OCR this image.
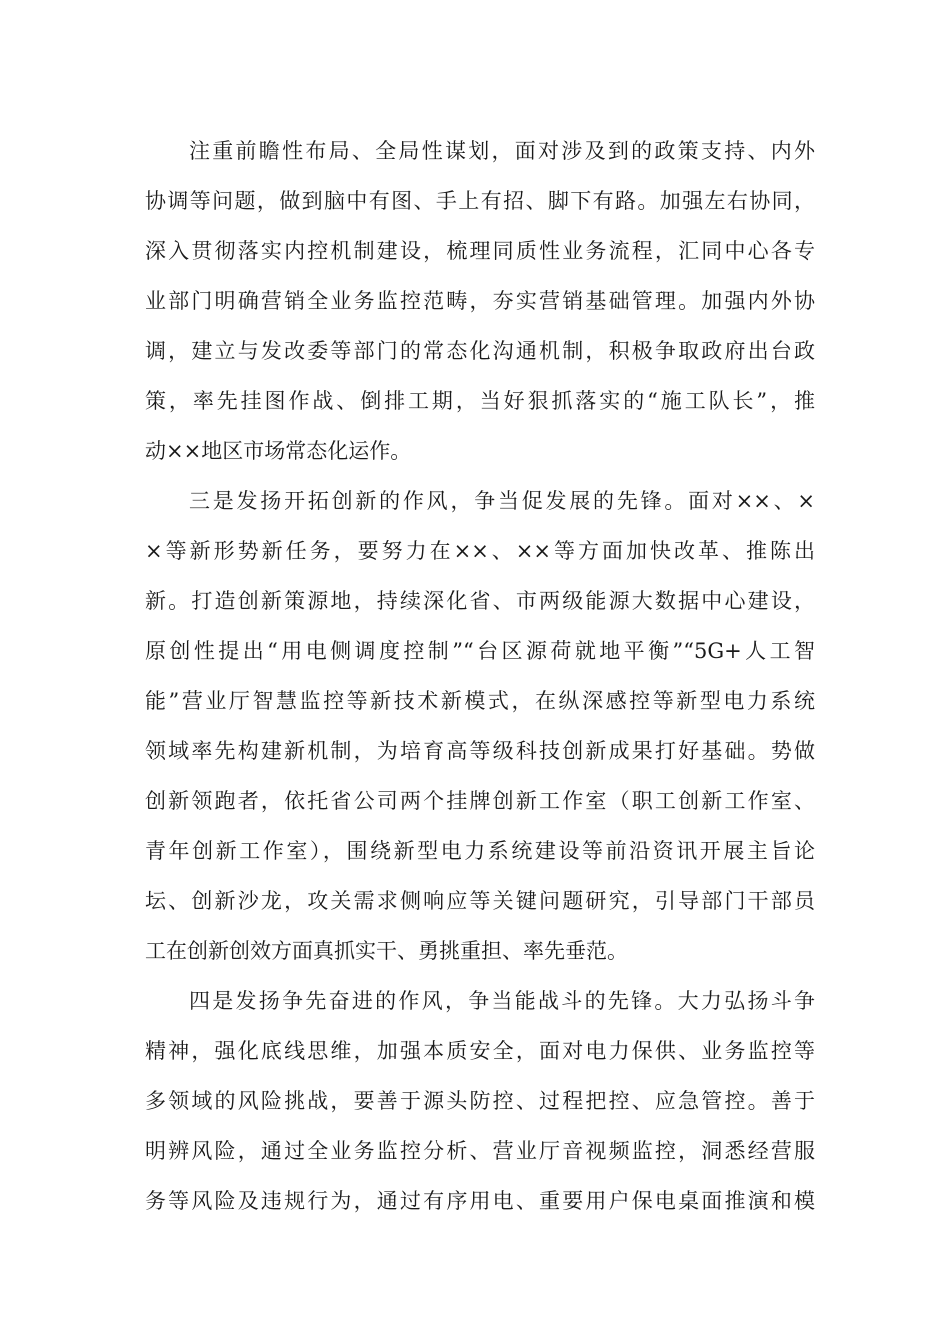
注重前瞻性布局、全局性谋划，面对涉及到的政策支持、内外
协调等问题，做到脑中有图、手上有招、脚下有路。加强左右协同，
深入贯彻落实内控机制建设，梳理同质性业务流程，汇同中心各专
业部门明确营销全业务监控范畴，夯实营销基础管理。加强内外协
调，建立与发改委等部门的常态化沟通机制，积极争取政府出台政
策，率先挂图作战、倒排工期，当好狠抓落实的“施工队长”，推
动××地区市场常态化运作。
三是发扬开拓创新的作风，争当促发展的先锋。面对××、×
×等新形势新任务，要努力在××、××等方面加快改革、推陈出
新。打造创新策源地，持续深化省、市两级能源大数据中心建设，
原创性提出“用电侧调度控制”“台区源荷就地平衡”“5G+人工智
能”营业厅智慧监控等新技术新模式，在纵深感控等新型电力系统
领域率先构建新机制，为培育高等级科技创新成果打好基础。势做
创新领跑者，依托省公司两个挂牌创新工作室（职工创新工作室、
青年创新工作室），围绕新型电力系统建设等前沿资讯开展主旨论
坛、创新沙龙，攻关需求侧响应等关键问题研究，引导部门干部员
工在创新创效方面真抓实干、勇挑重担、率先垂范。
四是发扬争先奋进的作风，争当能战斗的先锋。大力弘扬斗争
精神，强化底线思维，加强本质安全，面对电力保供、业务监控等
多领域的风险挑战，要善于源头防控、过程把控、应急管控。善于
明辨风险，通过全业务监控分析、营业厅音视频监控，洞悉经营服
务等风险及违规行为，通过有序用电、重要用户保电桌面推演和模
